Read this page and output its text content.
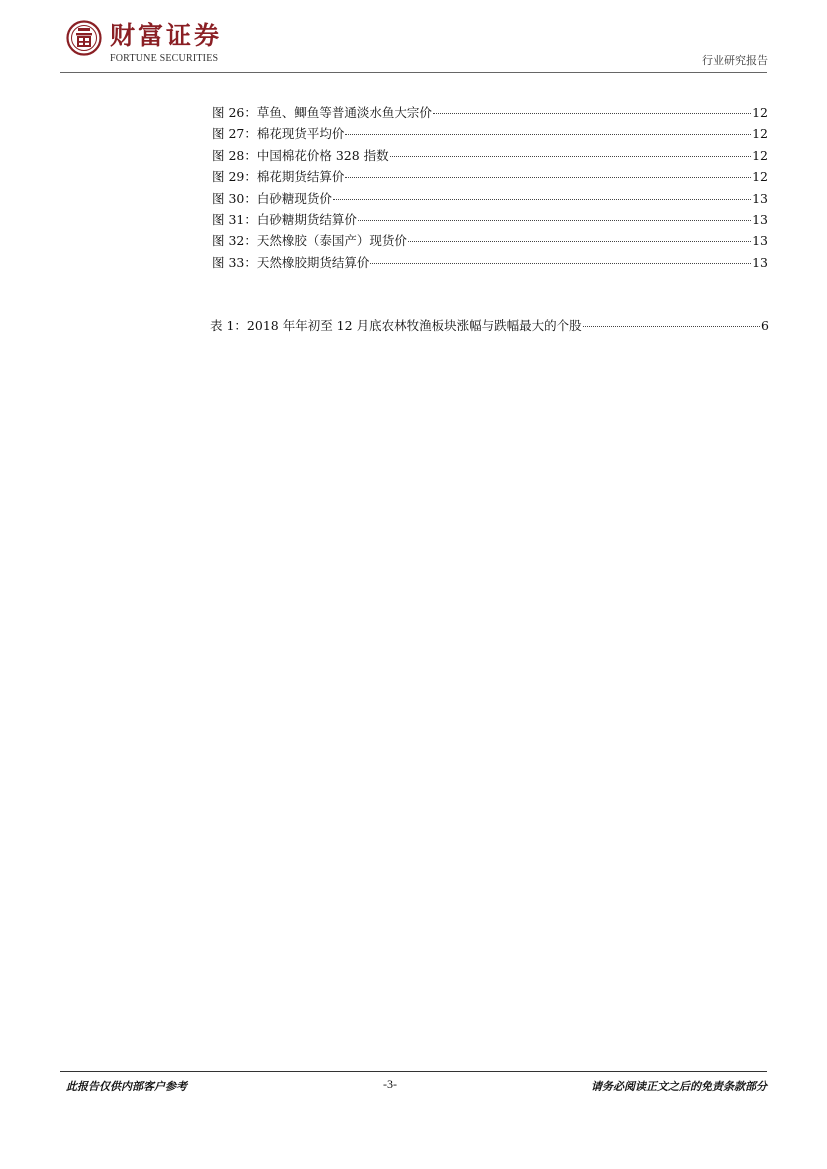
财富证券
FORTUNE SECURITIES	行业研究报告
图 26：草鱼、鲫鱼等普通淡水鱼大宗价	12
图 27：棉花现货平均价	12
图 28：中国棉花价格 328 指数	12
图 29：棉花期货结算价	12
图 30：白砂糖现货价	13
图 31：白砂糖期货结算价	13
图 32：天然橡胶（泰国产）现货价	13
图 33：天然橡胶期货结算价	13
表 1：2018 年年初至 12 月底农林牧渔板块涨幅与跌幅最大的个股	6
此报告仅供内部客户参考	-3-	请务必阅读正文之后的免责条款部分
